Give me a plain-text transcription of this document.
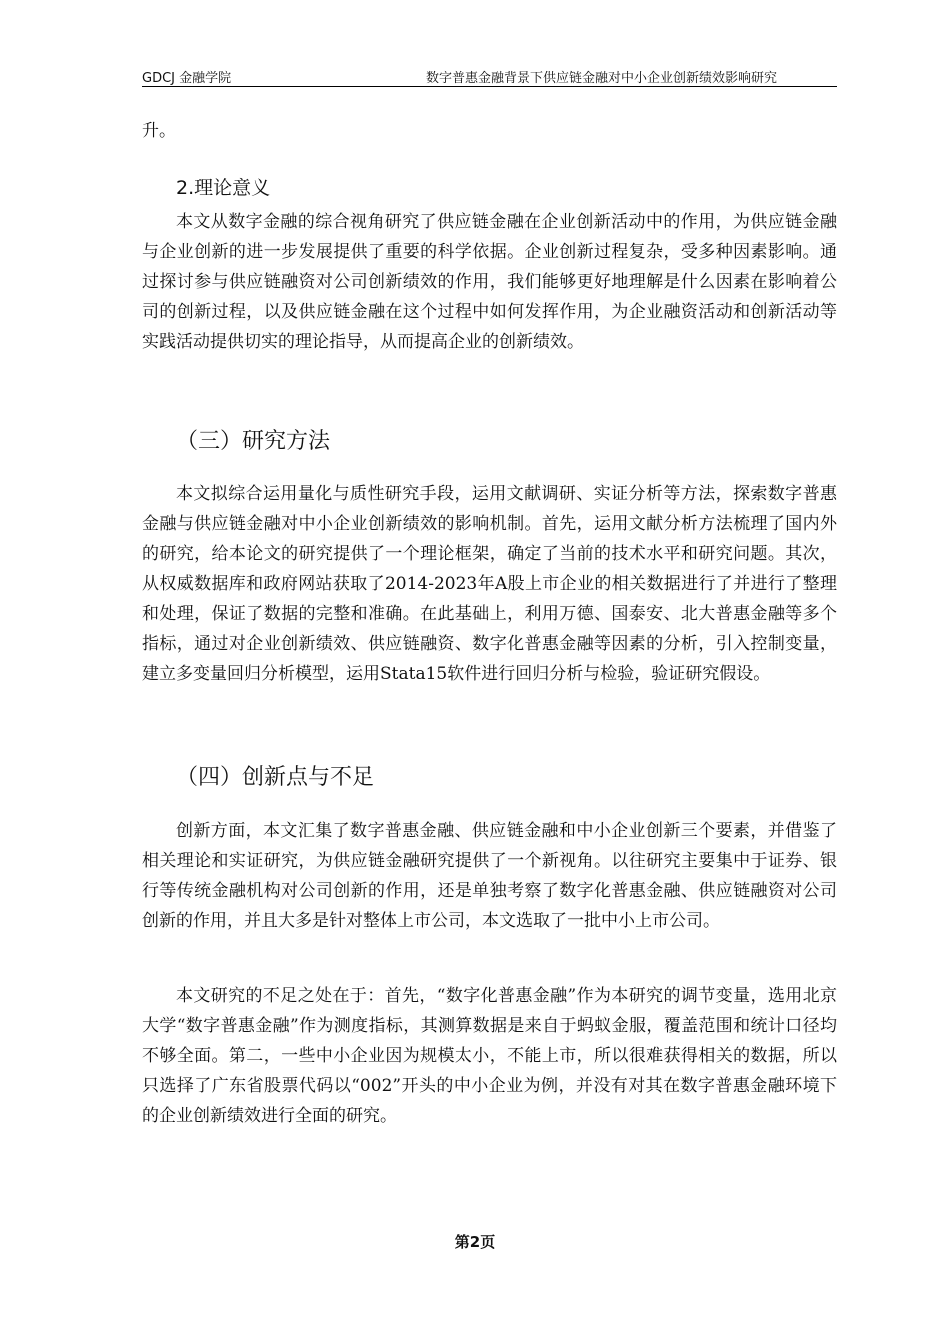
GDCJ 金融学院	数字普惠金融背景下供应链金融对中小企业创新绩效影响研究

升。

2.理论意义

本文从数字金融的综合视角研究了供应链金融在企业创新活动中的作用，为供应链金融与企业创新的进一步发展提供了重要的科学依据。企业创新过程复杂，受多种因素影响。通过探讨参与供应链融资对公司创新绩效的作用，我们能够更好地理解是什么因素在影响着公司的创新过程，以及供应链金融在这个过程中如何发挥作用，为企业融资活动和创新活动等实践活动提供切实的理论指导，从而提高企业的创新绩效。

（三）研究方法

本文拟综合运用量化与质性研究手段，运用文献调研、实证分析等方法，探索数字普惠金融与供应链金融对中小企业创新绩效的影响机制。首先，运用文献分析方法梳理了国内外的研究，给本论文的研究提供了一个理论框架，确定了当前的技术水平和研究问题。其次，从权威数据库和政府网站获取了2014-2023年A股上市企业的相关数据进行了并进行了整理和处理，保证了数据的完整和准确。在此基础上，利用万德、国泰安、北大普惠金融等多个指标，通过对企业创新绩效、供应链融资、数字化普惠金融等因素的分析，引入控制变量，建立多变量回归分析模型，运用Stata15软件进行回归分析与检验，验证研究假设。

（四）创新点与不足

创新方面，本文汇集了数字普惠金融、供应链金融和中小企业创新三个要素，并借鉴了相关理论和实证研究，为供应链金融研究提供了一个新视角。以往研究主要集中于证券、银行等传统金融机构对公司创新的作用，还是单独考察了数字化普惠金融、供应链融资对公司创新的作用，并且大多是针对整体上市公司，本文选取了一批中小上市公司。

本文研究的不足之处在于：首先，“数字化普惠金融”作为本研究的调节变量，选用北京大学“数字普惠金融”作为测度指标，其测算数据是来自于蚂蚁金服，覆盖范围和统计口径均不够全面。第二，一些中小企业因为规模太小，不能上市，所以很难获得相关的数据，所以只选择了广东省股票代码以“002”开头的中小企业为例，并没有对其在数字普惠金融环境下的企业创新绩效进行全面的研究。

第2页
